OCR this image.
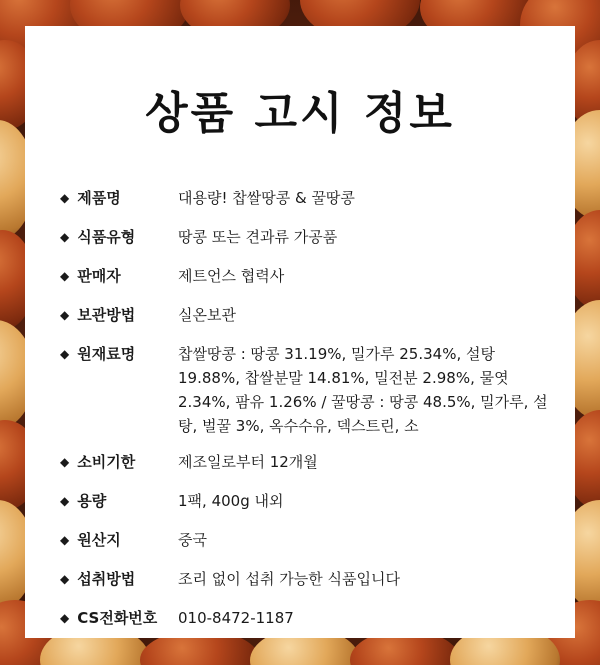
상품 고시 정보
◆ 제품명	대용량! 찹쌀땅콩 & 꿀땅콩
◆ 식품유형	땅콩 또는 견과류 가공품
◆ 판매자	제트언스 협력사
◆ 보관방법	실온보관
◆ 원재료명	찹쌀땅콩 : 땅콩 31.19%, 밀가루 25.34%, 설탕 19.88%, 찹쌀분말 14.81%, 밀전분 2.98%, 물엿 2.34%, 팜유 1.26% / 꿀땅콩 : 땅콩 48.5%, 밀가루, 설탕, 벌꿀 3%, 옥수수유, 덱스트린, 소
◆ 소비기한	제조일로부터 12개월
◆ 용량	1팩, 400g 내외
◆ 원산지	중국
◆ 섭취방법	조리 없이 섭취 가능한 식품입니다
◆ CS전화번호	010-8472-1187
